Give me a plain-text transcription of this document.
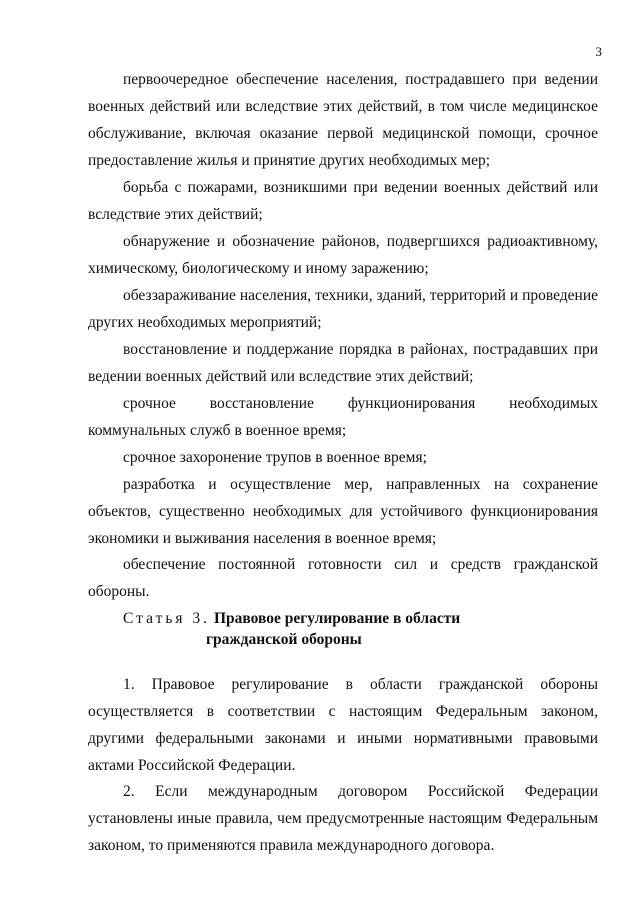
3

первоочередное обеспечение населения, пострадавшего при ведении военных действий или вследствие этих действий, в том числе медицинское обслуживание, включая оказание первой медицинской помощи, срочное предоставление жилья и принятие других необходимых мер;

борьба с пожарами, возникшими при ведении военных действий или вследствие этих действий;

обнаружение и обозначение районов, подвергшихся радиоактивному, химическому, биологическому и иному заражению;

обеззараживание населения, техники, зданий, территорий и проведение других необходимых мероприятий;

восстановление и поддержание порядка в районах, пострадавших при ведении военных действий или вследствие этих действий;

срочное восстановление функционирования необходимых коммунальных служб в военное время;

срочное захоронение трупов в военное время;

разработка и осуществление мер, направленных на сохранение объектов, существенно необходимых для устойчивого функционирования экономики и выживания населения в военное время;

обеспечение постоянной готовности сил и средств гражданской обороны.

Статья 3. Правовое регулирование в области
гражданской обороны

1. Правовое регулирование в области гражданской обороны осуществляется в соответствии с настоящим Федеральным законом, другими федеральными законами и иными нормативными правовыми актами Российской Федерации.

2. Если международным договором Российской Федерации установлены иные правила, чем предусмотренные настоящим Федеральным законом, то применяются правила международного договора.
